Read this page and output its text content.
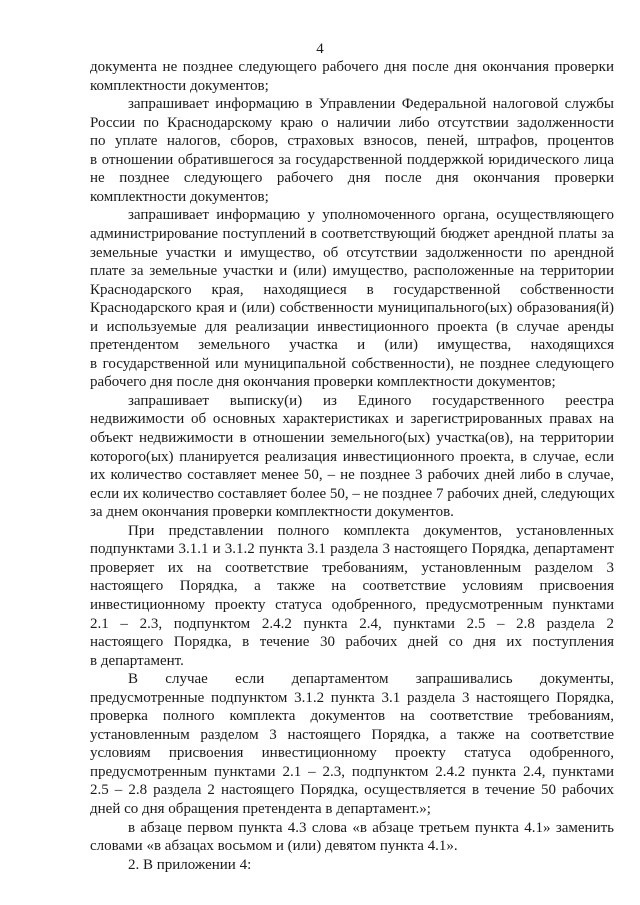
4
документа не позднее следующего рабочего дня после дня окончания проверки
комплектности документов;
запрашивает информацию в Управлении Федеральной налоговой службы
России по Краснодарскому краю о наличии либо отсутствии задолженности
по уплате налогов, сборов, страховых взносов, пеней, штрафов, процентов
в отношении обратившегося за государственной поддержкой юридического лица
не позднее следующего рабочего дня после дня окончания проверки
комплектности документов;
запрашивает информацию у уполномоченного органа, осуществляющего
администрирование поступлений в соответствующий бюджет арендной платы за
земельные участки и имущество, об отсутствии задолженности по арендной
плате за земельные участки и (или) имущество, расположенные на территории
Краснодарского края, находящиеся в государственной собственности
Краснодарского края и (или) собственности муниципального(ых) образования(й)
и используемые для реализации инвестиционного проекта (в случае аренды
претендентом земельного участка и (или) имущества, находящихся
в государственной или муниципальной собственности), не позднее следующего
рабочего дня после дня окончания проверки комплектности документов;
запрашивает выписку(и) из Единого государственного реестра
недвижимости об основных характеристиках и зарегистрированных правах на
объект недвижимости в отношении земельного(ых) участка(ов), на территории
которого(ых) планируется реализация инвестиционного проекта, в случае, если
их количество составляет менее 50, – не позднее 3 рабочих дней либо в случае,
если их количество составляет более 50, – не позднее 7 рабочих дней, следующих
за днем окончания проверки комплектности документов.
При представлении полного комплекта документов, установленных
подпунктами 3.1.1 и 3.1.2 пункта 3.1 раздела 3 настоящего Порядка, департамент
проверяет их на соответствие требованиям, установленным разделом 3
настоящего Порядка, а также на соответствие условиям присвоения
инвестиционному проекту статуса одобренного, предусмотренным пунктами
2.1 – 2.3, подпунктом 2.4.2 пункта 2.4, пунктами 2.5 – 2.8 раздела 2
настоящего Порядка, в течение 30 рабочих дней со дня их поступления
в департамент.
В случае если департаментом запрашивались документы,
предусмотренные подпунктом 3.1.2 пункта 3.1 раздела 3 настоящего Порядка,
проверка полного комплекта документов на соответствие требованиям,
установленным разделом 3 настоящего Порядка, а также на соответствие
условиям присвоения инвестиционному проекту статуса одобренного,
предусмотренным пунктами 2.1 – 2.3, подпунктом 2.4.2 пункта 2.4, пунктами
2.5 – 2.8 раздела 2 настоящего Порядка, осуществляется в течение 50 рабочих
дней со дня обращения претендента в департамент.»;
в абзаце первом пункта 4.3 слова «в абзаце третьем пункта 4.1» заменить
словами «в абзацах восьмом и (или) девятом пункта 4.1».
2. В приложении 4:
